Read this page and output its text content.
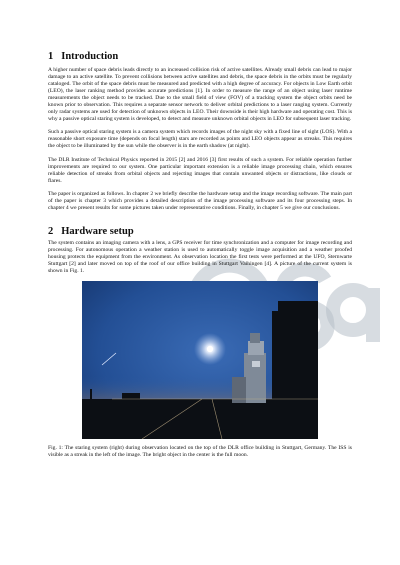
1 Introduction

A higher number of space debris leads directly to an increased collision risk of active satellites. Already small debris can lead to major damage to an active satellite. To prevent collisions between active satellites and debris, the space debris in the orbits must be regularly cataloged. The orbit of the space debris must be measured and predicted with a high degree of accuracy. For objects in Low Earth orbit (LEO), the laser ranking method provides accurate predictions [1]. In order to measure the range of an object using laser runtime measurements the object needs to be tracked. Due to the small field of view (FOV) of a tracking system the object orbits need be known prior to observation. This requires a separate sensor network to deliver orbital predictions to a laser ranging system. Currently only radar systems are used for detection of unknown objects in LEO. Their downside is their high hardware and operating cost. This is why a passive optical staring system is developed, to detect and measure unknown orbital objects in LEO for subsequent laser tracking.

Such a passive optical staring system is a camera system which records images of the night sky with a fixed line of sight (LOS). With a reasonable short exposure time (depends on focal length) stars are recorded as points and LEO objects appear as streaks. This requires the object to be illuminated by the sun while the observer is in the earth shadow (at night).

The DLR Institute of Technical Physics reported in 2015 [2] and 2016 [3] first results of such a system. For reliable operation further improvements are required to our system. One particular important extension is a reliable image processing chain, which ensures reliable detection of streaks from orbital objects and rejecting images that contain unwanted objects or distractions, like clouds or flares.

The paper is organized as follows. In chapter 2 we briefly describe the hardware setup and the image recording software. The main part of the paper is chapter 3 which provides a detailed description of the image processing software and its four processing steps. In chapter 4 we present results for some pictures taken under representative conditions. Finally, in chapter 5 we give our conclusions.

2 Hardware setup

The system contains an imaging camera with a lens, a GPS receiver for time synchronization and a computer for image recording and processing. For autonomous operation a weather station is used to automatically toggle image acquisition and a weather proofed housing protects the equipment from the environment. As observation location the first tests were performed at the UFO, Sternwarte Stuttgart [2] and later moved on top of the roof of our office building in Stuttgart Vaihingen [4]. A picture of the current system is shown in Fig. 1.

Fig. 1: The staring system (right) during observation located on the top of the DLR office building in Stuttgart, Germany. The ISS is visible as a streak in the left of the image. The bright object in the center is the full moon.
